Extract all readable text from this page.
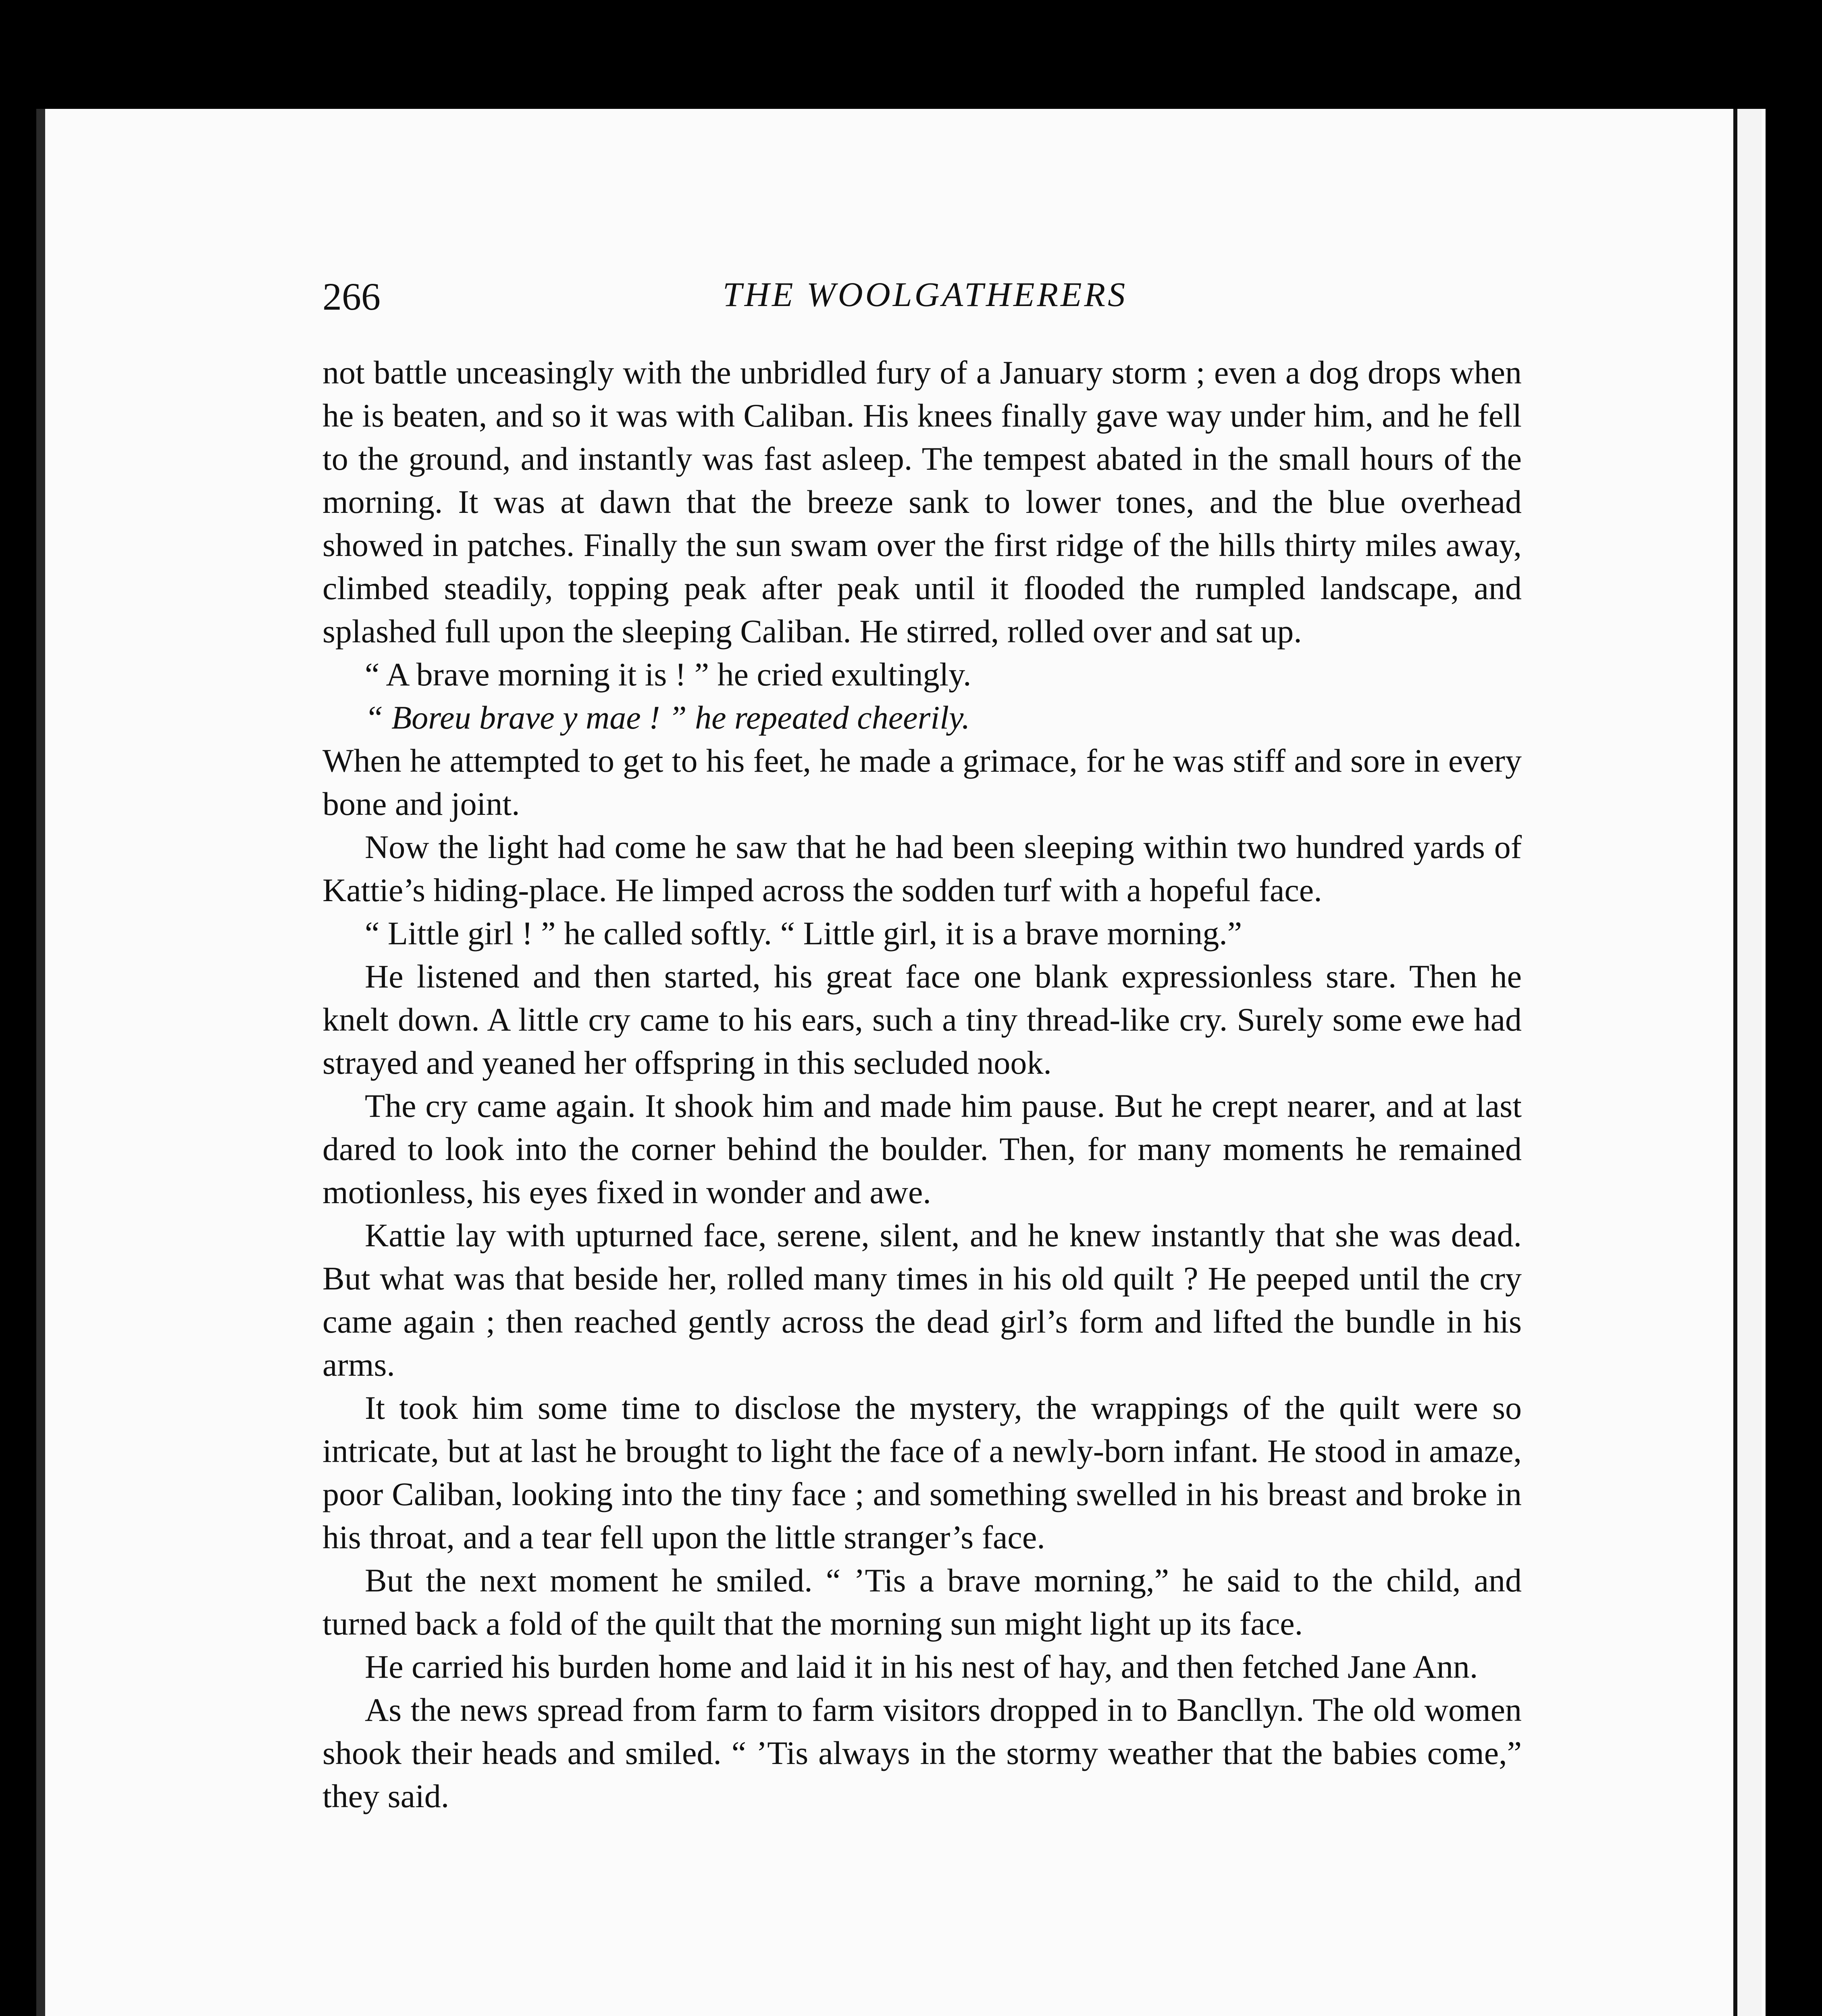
266	THE WOOLGATHERERS

not battle unceasingly with the unbridled fury of a January storm ; even a dog drops when he is beaten, and so it was with Caliban. His knees finally gave way under him, and he fell to the ground, and instantly was fast asleep. The tempest abated in the small hours of the morning. It was at dawn that the breeze sank to lower tones, and the blue overhead showed in patches. Finally the sun swam over the first ridge of the hills thirty miles away, climbed steadily, topping peak after peak until it flooded the rumpled landscape, and splashed full upon the sleeping Caliban. He stirred, rolled over and sat up.

“ A brave morning it is ! ” he cried exultingly.

“ Boreu brave y mae ! ” he repeated cheerily.

When he attempted to get to his feet, he made a grimace, for he was stiff and sore in every bone and joint.

Now the light had come he saw that he had been sleeping within two hundred yards of Kattie’s hiding-place. He limped across the sodden turf with a hopeful face.

“ Little girl ! ” he called softly. “ Little girl, it is a brave morning.”

He listened and then started, his great face one blank expressionless stare. Then he knelt down. A little cry came to his ears, such a tiny thread-like cry. Surely some ewe had strayed and yeaned her offspring in this secluded nook.

The cry came again. It shook him and made him pause. But he crept nearer, and at last dared to look into the corner behind the boulder. Then, for many moments he remained motionless, his eyes fixed in wonder and awe.

Kattie lay with upturned face, serene, silent, and he knew instantly that she was dead. But what was that beside her, rolled many times in his old quilt ? He peeped until the cry came again ; then reached gently across the dead girl’s form and lifted the bundle in his arms.

It took him some time to disclose the mystery, the wrappings of the quilt were so intricate, but at last he brought to light the face of a newly-born infant. He stood in amaze, poor Caliban, looking into the tiny face ; and something swelled in his breast and broke in his throat, and a tear fell upon the little stranger’s face.

But the next moment he smiled. “ ’Tis a brave morning,” he said to the child, and turned back a fold of the quilt that the morning sun might light up its face.

He carried his burden home and laid it in his nest of hay, and then fetched Jane Ann.

As the news spread from farm to farm visitors dropped in to Bancllyn. The old women shook their heads and smiled. “ ’Tis always in the stormy weather that the babies come,” they said.
